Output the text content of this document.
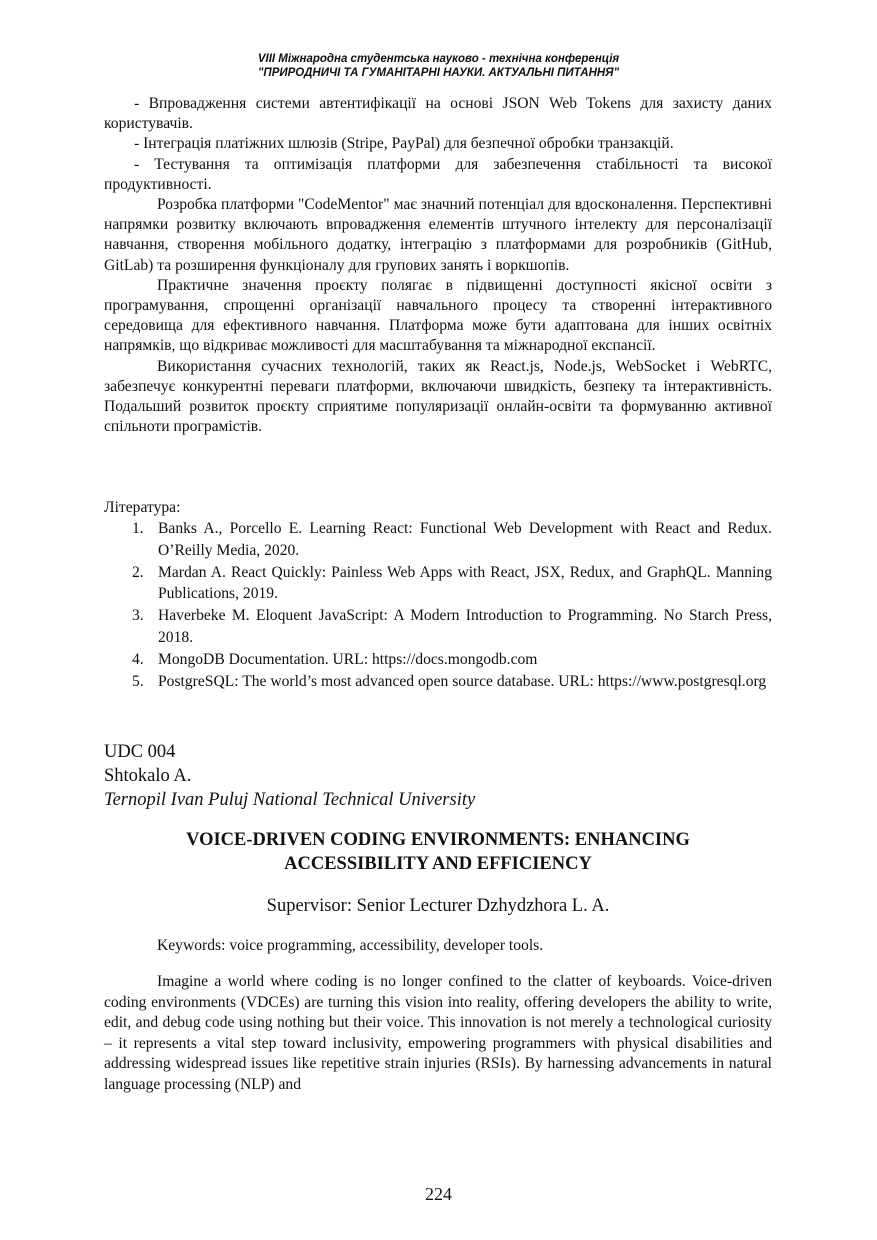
VIII Міжнародна студентська науково - технічна конференція
"ПРИРОДНИЧІ ТА ГУМАНІТАРНІ НАУКИ. АКТУАЛЬНІ ПИТАННЯ"

- Впровадження системи автентифікації на основі JSON Web Tokens для захисту даних користувачів.

- Інтеграція платіжних шлюзів (Stripe, PayPal) для безпечної обробки транзакцій.

- Тестування та оптимізація платформи для забезпечення стабільності та високої продуктивності.

Розробка платформи "CodeMentor" має значний потенціал для вдосконалення. Перспективні напрямки розвитку включають впровадження елементів штучного інтелекту для персоналізації навчання, створення мобільного додатку, інтеграцію з платформами для розробників (GitHub, GitLab) та розширення функціоналу для групових занять і воркшопів.

Практичне значення проєкту полягає в підвищенні доступності якісної освіти з програмування, спрощенні організації навчального процесу та створенні інтерактивного середовища для ефективного навчання. Платформа може бути адаптована для інших освітніх напрямків, що відкриває можливості для масштабування та міжнародної експансії.

Використання сучасних технологій, таких як React.js, Node.js, WebSocket і WebRTC, забезпечує конкурентні переваги платформи, включаючи швидкість, безпеку та інтерактивність. Подальший розвиток проєкту сприятиме популяризації онлайн-освіти та формуванню активної спільноти програмістів.

Література:

1. Banks A., Porcello E. Learning React: Functional Web Development with React and Redux. O’Reilly Media, 2020.
2. Mardan A. React Quickly: Painless Web Apps with React, JSX, Redux, and GraphQL. Manning Publications, 2019.
3. Haverbeke M. Eloquent JavaScript: A Modern Introduction to Programming. No Starch Press, 2018.
4. MongoDB Documentation. URL: https://docs.mongodb.com
5. PostgreSQL: The world’s most advanced open source database. URL: https://www.postgresql.org
UDC 004
Shtokalo A.
Ternopil Ivan Puluj National Technical University
VOICE-DRIVEN CODING ENVIRONMENTS: ENHANCING
ACCESSIBILITY AND EFFICIENCY
Supervisor: Senior Lecturer Dzhydzhora L. A.
Keywords: voice programming, accessibility, developer tools.

Imagine a world where coding is no longer confined to the clatter of keyboards. Voice-driven coding environments (VDCEs) are turning this vision into reality, offering developers the ability to write, edit, and debug code using nothing but their voice. This innovation is not merely a technological curiosity – it represents a vital step toward inclusivity, empowering programmers with physical disabilities and addressing widespread issues like repetitive strain injuries (RSIs). By harnessing advancements in natural language processing (NLP) and

224
